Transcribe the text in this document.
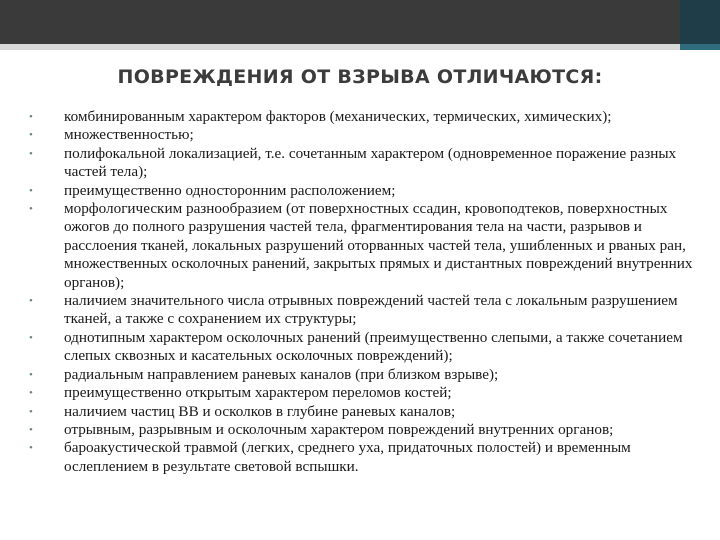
ПОВРЕЖДЕНИЯ ОТ ВЗРЫВА ОТЛИЧАЮТСЯ:
• комбинированным характером факторов (механических, термических, химических);
• множественностью;
• полифокальной локализацией, т.е. сочетанным характером (одновременное поражение разных частей тела);
• преимущественно односторонним расположением;
• морфологическим разнообразием (от поверхностных ссадин, кровоподтеков, поверхностных ожогов до полного разрушения частей тела, фрагментирования тела на части, разрывов и расслоения тканей, локальных разрушений оторванных частей тела, ушибленных и рваных ран, множественных осколочных ранений, закрытых прямых и дистантных повреждений внутренних органов);
• наличием значительного числа отрывных повреждений частей тела с локальным разрушением тканей, а также с сохранением их структуры;
• однотипным характером осколочных ранений (преимущественно слепыми, а также сочетанием слепых сквозных и касательных осколочных повреждений);
• радиальным направлением раневых каналов (при близком взрыве);
• преимущественно открытым характером переломов костей;
• наличием частиц ВВ и осколков в глубине раневых каналов;
• отрывным, разрывным и осколочным характером повреждений внутренних органов;
• бароакустической травмой (легких, среднего уха, придаточных полостей) и временным ослеплением в результате световой вспышки.
